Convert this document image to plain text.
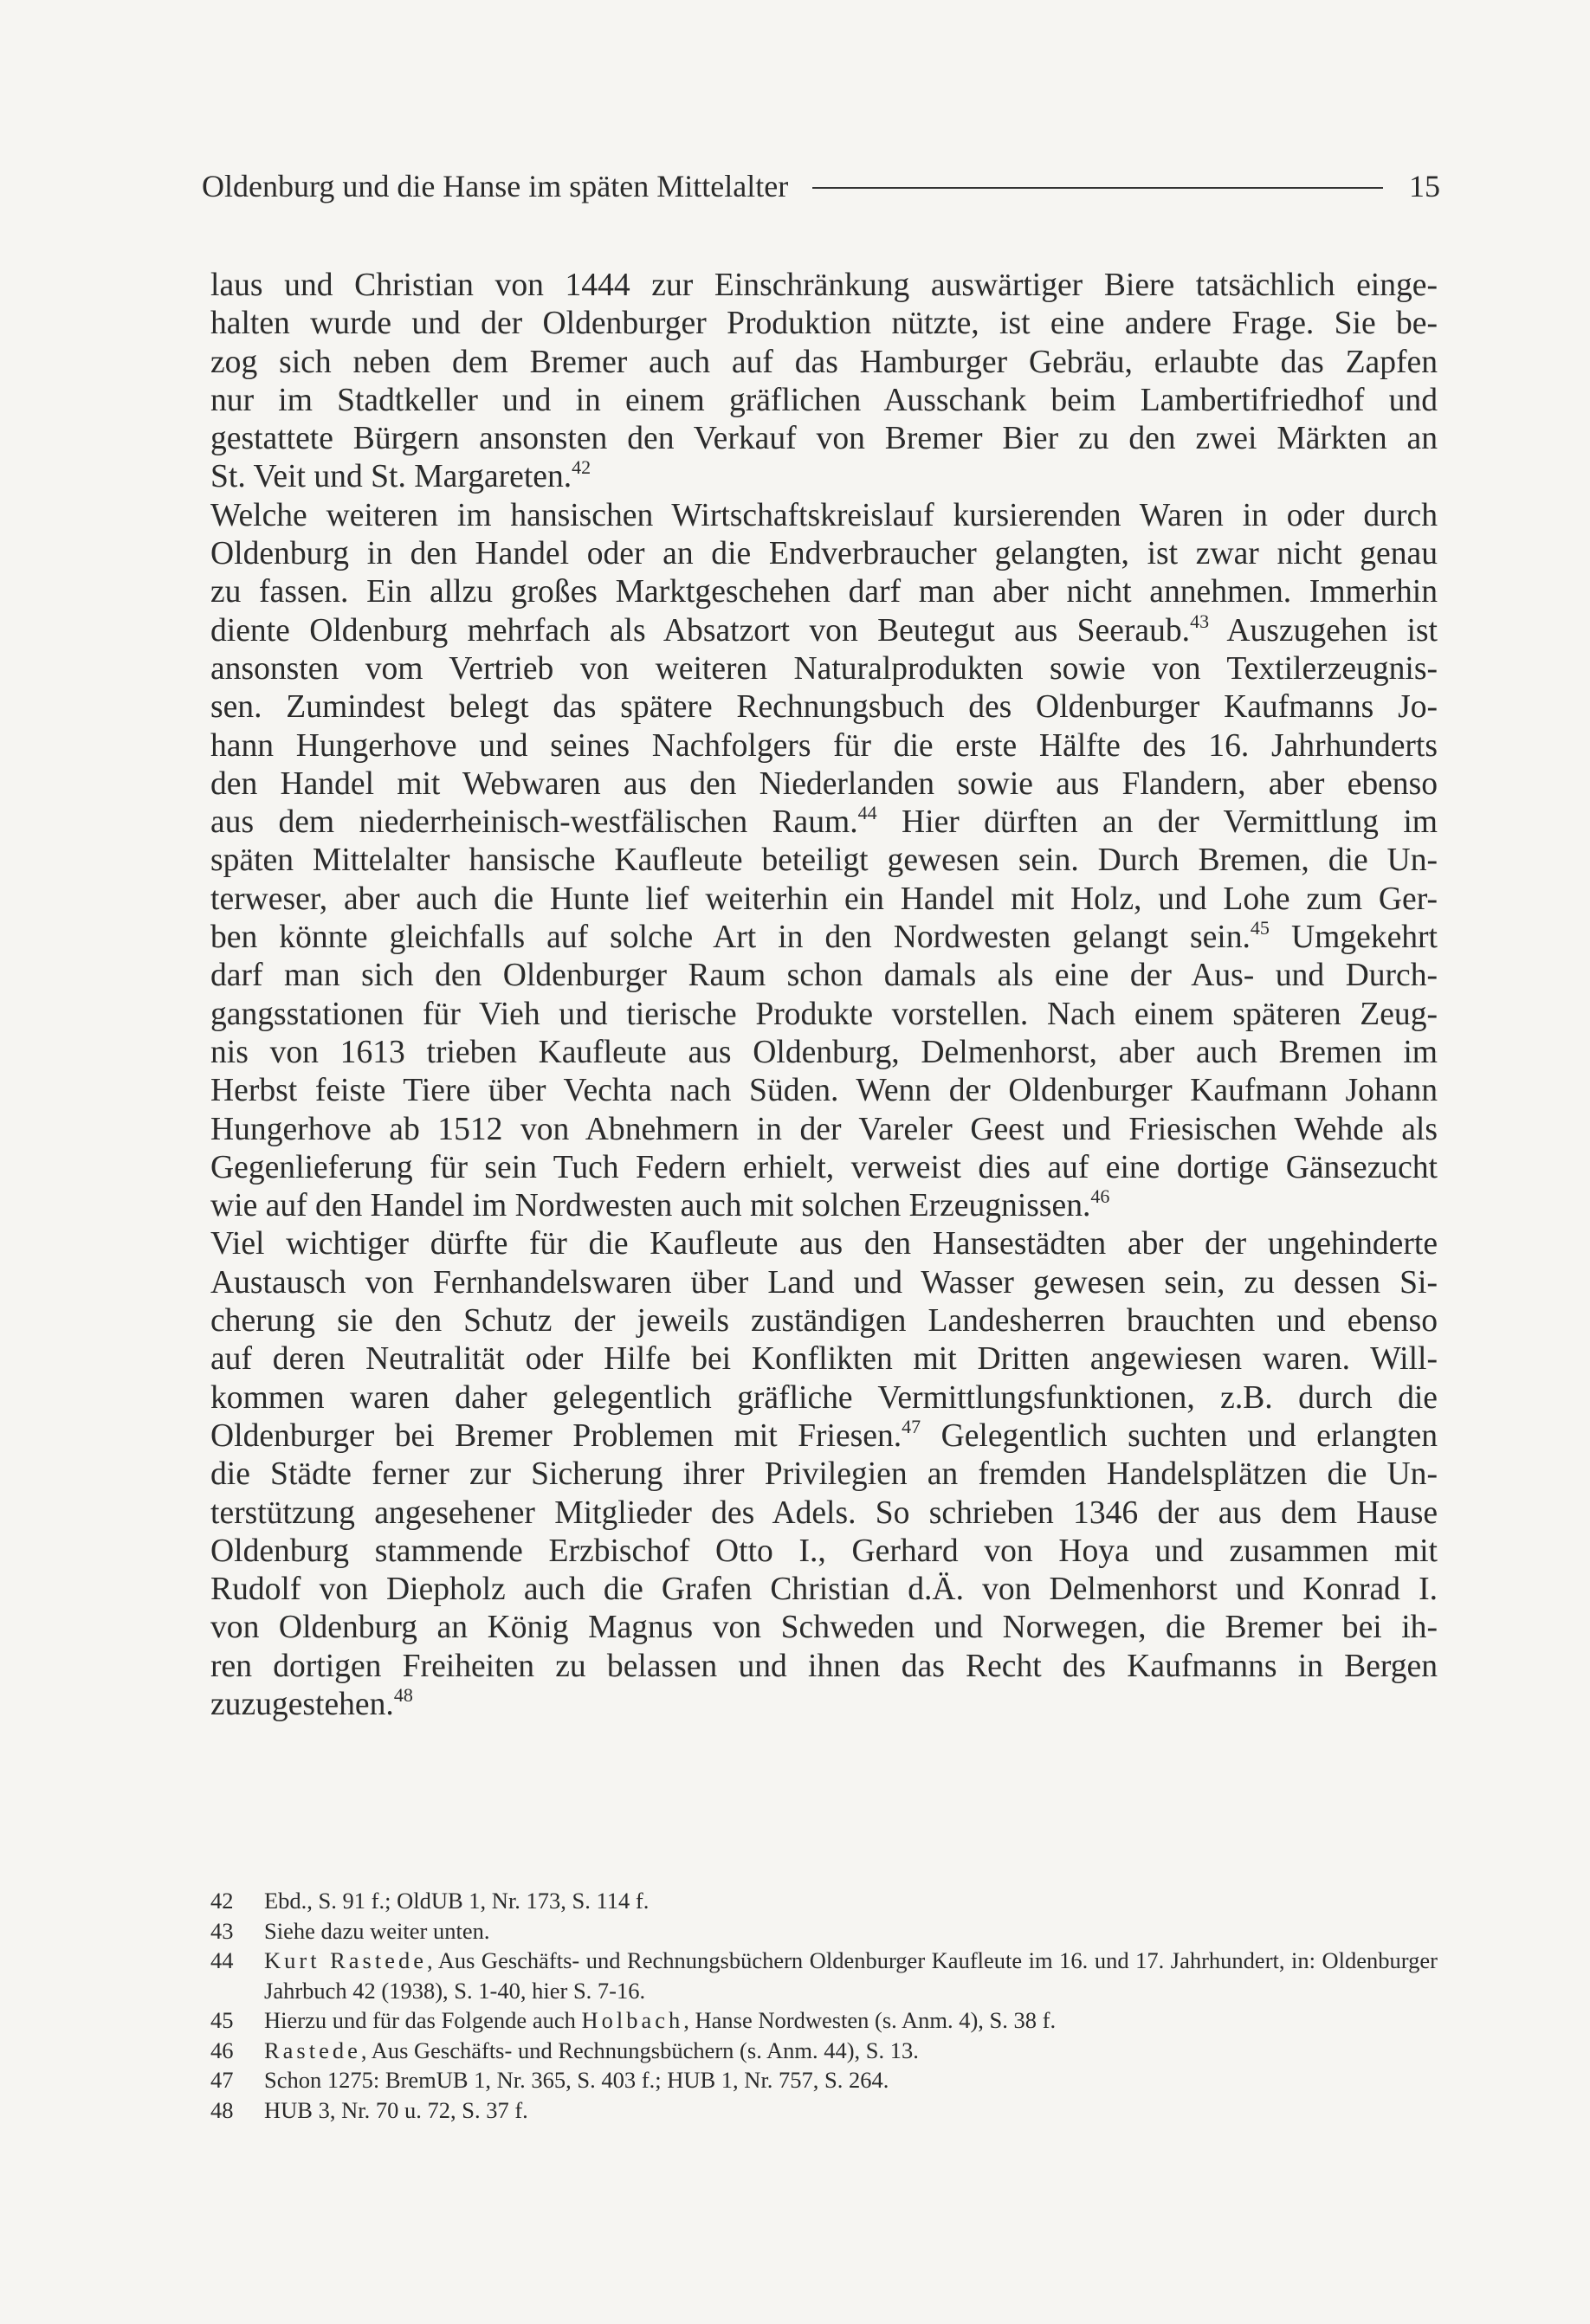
Oldenburg und die Hanse im späten Mittelalter	15

laus und Christian von 1444 zur Einschränkung auswärtiger Biere tatsächlich einge-
halten wurde und der Oldenburger Produktion nützte, ist eine andere Frage. Sie be-
zog sich neben dem Bremer auch auf das Hamburger Gebräu, erlaubte das Zapfen
nur im Stadtkeller und in einem gräflichen Ausschank beim Lambertifriedhof und
gestattete Bürgern ansonsten den Verkauf von Bremer Bier zu den zwei Märkten an
St. Veit und St. Margareten.$^{42}$

Welche weiteren im hansischen Wirtschaftskreislauf kursierenden Waren in oder durch
Oldenburg in den Handel oder an die Endverbraucher gelangten, ist zwar nicht genau
zu fassen. Ein allzu großes Marktgeschehen darf man aber nicht annehmen. Immerhin
diente Oldenburg mehrfach als Absatzort von Beutegut aus Seeraub.$^{43}$ Auszugehen ist
ansonsten vom Vertrieb von weiteren Naturalprodukten sowie von Textilerzeugnis-
sen. Zumindest belegt das spätere Rechnungsbuch des Oldenburger Kaufmanns Jo-
hann Hungerhove und seines Nachfolgers für die erste Hälfte des 16. Jahrhunderts
den Handel mit Webwaren aus den Niederlanden sowie aus Flandern, aber ebenso
aus dem niederrheinisch-westfälischen Raum.$^{44}$ Hier dürften an der Vermittlung im
späten Mittelalter hansische Kaufleute beteiligt gewesen sein. Durch Bremen, die Un-
terweser, aber auch die Hunte lief weiterhin ein Handel mit Holz, und Lohe zum Ger-
ben könnte gleichfalls auf solche Art in den Nordwesten gelangt sein.$^{45}$ Umgekehrt
darf man sich den Oldenburger Raum schon damals als eine der Aus- und Durch-
gangsstationen für Vieh und tierische Produkte vorstellen. Nach einem späteren Zeug-
nis von 1613 trieben Kaufleute aus Oldenburg, Delmenhorst, aber auch Bremen im
Herbst feiste Tiere über Vechta nach Süden. Wenn der Oldenburger Kaufmann Johann
Hungerhove ab 1512 von Abnehmern in der Vareler Geest und Friesischen Wehde als
Gegenlieferung für sein Tuch Federn erhielt, verweist dies auf eine dortige Gänsezucht
wie auf den Handel im Nordwesten auch mit solchen Erzeugnissen.$^{46}$

Viel wichtiger dürfte für die Kaufleute aus den Hansestädten aber der ungehinderte
Austausch von Fernhandelswaren über Land und Wasser gewesen sein, zu dessen Si-
cherung sie den Schutz der jeweils zuständigen Landesherren brauchten und ebenso
auf deren Neutralität oder Hilfe bei Konflikten mit Dritten angewiesen waren. Will-
kommen waren daher gelegentlich gräfliche Vermittlungsfunktionen, z.B. durch die
Oldenburger bei Bremer Problemen mit Friesen.$^{47}$ Gelegentlich suchten und erlangten
die Städte ferner zur Sicherung ihrer Privilegien an fremden Handelsplätzen die Un-
terstützung angesehener Mitglieder des Adels. So schrieben 1346 der aus dem Hause
Oldenburg stammende Erzbischof Otto I., Gerhard von Hoya und zusammen mit
Rudolf von Diepholz auch die Grafen Christian d.Ä. von Delmenhorst und Konrad I.
von Oldenburg an König Magnus von Schweden und Norwegen, die Bremer bei ih-
ren dortigen Freiheiten zu belassen und ihnen das Recht des Kaufmanns in Bergen
zuzugestehen.$^{48}$

42	Ebd., S. 91 f.; OldUB 1, Nr. 173, S. 114 f.
43	Siehe dazu weiter unten.
44	Kurt Rastede, Aus Geschäfts- und Rechnungsbüchern Oldenburger Kaufleute im 16. und 17. Jahrhundert, in: Oldenburger Jahrbuch 42 (1938), S. 1-40, hier S. 7-16.
45	Hierzu und für das Folgende auch Holbach, Hanse Nordwesten (s. Anm. 4), S. 38 f.
46	Rastede, Aus Geschäfts- und Rechnungsbüchern (s. Anm. 44), S. 13.
47	Schon 1275: BremUB 1, Nr. 365, S. 403 f.; HUB 1, Nr. 757, S. 264.
48	HUB 3, Nr. 70 u. 72, S. 37 f.
